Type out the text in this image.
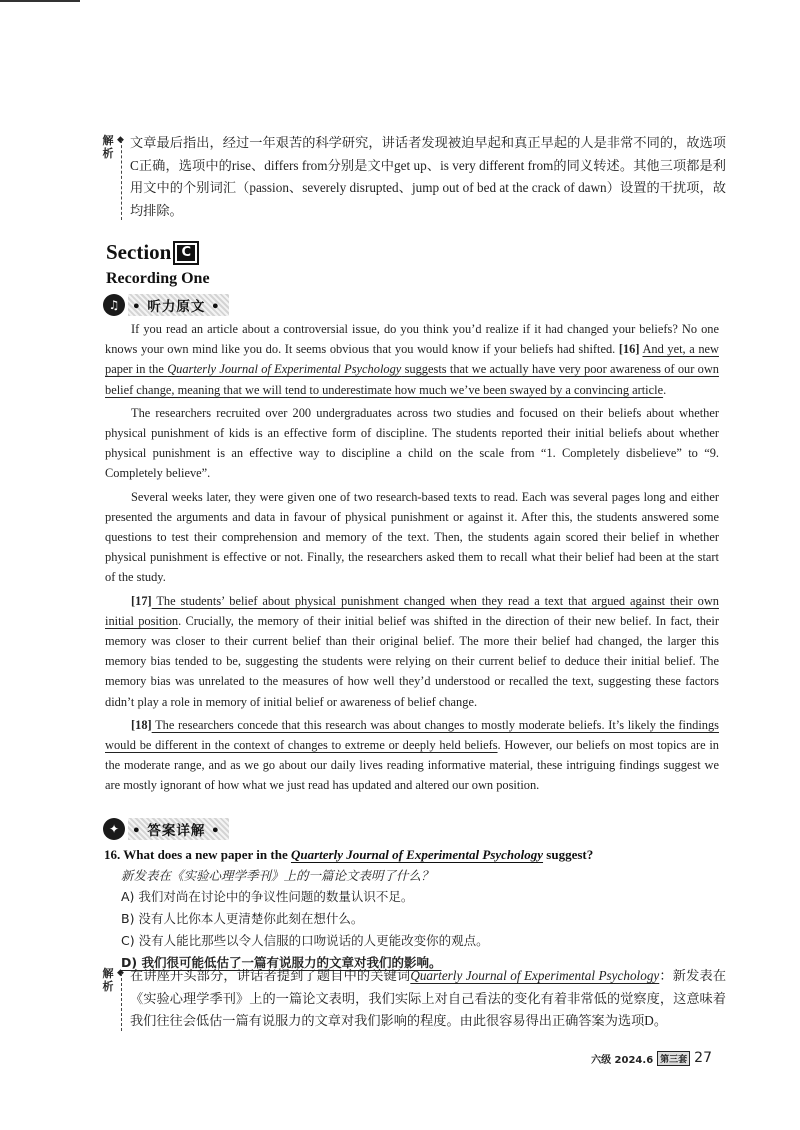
解析
◆ 文章最后指出，经过一年艰苦的科学研究，讲话者发现被迫早起和真正早起的人是非常不同的，故选项C正确，选项中的rise、differs from分别是文中get up、is very different from的同义转述。其他三项都是利用文中的个别词汇（passion、severely disrupted、jump out of bed at the crack of dawn）设置的干扰项，故均排除。
Section C
Recording One
♫ • 听力原文 •

If you read an article about a controversial issue, do you think you’d realize if it had changed your beliefs? No one knows your own mind like you do. It seems obvious that you would know if your beliefs had shifted. [16] And yet, a new paper in the Quarterly Journal of Experimental Psychology suggests that we actually have very poor awareness of our own belief change, meaning that we will tend to underestimate how much we’ve been swayed by a convincing article.

The researchers recruited over 200 undergraduates across two studies and focused on their beliefs about whether physical punishment of kids is an effective form of discipline. The students reported their initial beliefs about whether physical punishment is an effective way to discipline a child on the scale from “1. Completely disbelieve” to “9. Completely believe”.

Several weeks later, they were given one of two research-based texts to read. Each was several pages long and either presented the arguments and data in favour of physical punishment or against it. After this, the students answered some questions to test their comprehension and memory of the text. Then, the students again scored their belief in whether physical punishment is effective or not. Finally, the researchers asked them to recall what their belief had been at the start of the study.

[17] The students’ belief about physical punishment changed when they read a text that argued against their own initial position. Crucially, the memory of their initial belief was shifted in the direction of their new belief. In fact, their memory was closer to their current belief than their original belief. The more their belief had changed, the larger this memory bias tended to be, suggesting the students were relying on their current belief to deduce their initial belief. The memory bias was unrelated to the measures of how well they’d understood or recalled the text, suggesting these factors didn’t play a role in memory of initial belief or awareness of belief change.

[18] The researchers concede that this research was about changes to mostly moderate beliefs. It’s likely the findings would be different in the context of changes to extreme or deeply held beliefs. However, our beliefs on most topics are in the moderate range, and as we go about our daily lives reading informative material, these intriguing findings suggest we are mostly ignorant of how what we just read has updated and altered our own position.

✦ • 答案详解 •
16. What does a new paper in the Quarterly Journal of Experimental Psychology suggest?
新发表在《实验心理学季刊》上的一篇论文表明了什么？
A) 我们对尚在讨论中的争议性问题的数量认识不足。
B) 没有人比你本人更清楚你此刻在想什么。
C) 没有人能比那些以令人信服的口吻说话的人更能改变你的观点。
D) 我们很可能低估了一篇有说服力的文章对我们的影响。
解析
◆ 在讲座开头部分，讲话者提到了题目中的关键词Quarterly Journal of Experimental Psychology：新发表在《实验心理学季刊》上的一篇论文表明，我们实际上对自己看法的变化有着非常低的觉察度，这意味着我们往往会低估一篇有说服力的文章对我们影响的程度。由此很容易得出正确答案为选项D。
六级 2024.6 第三套 27
